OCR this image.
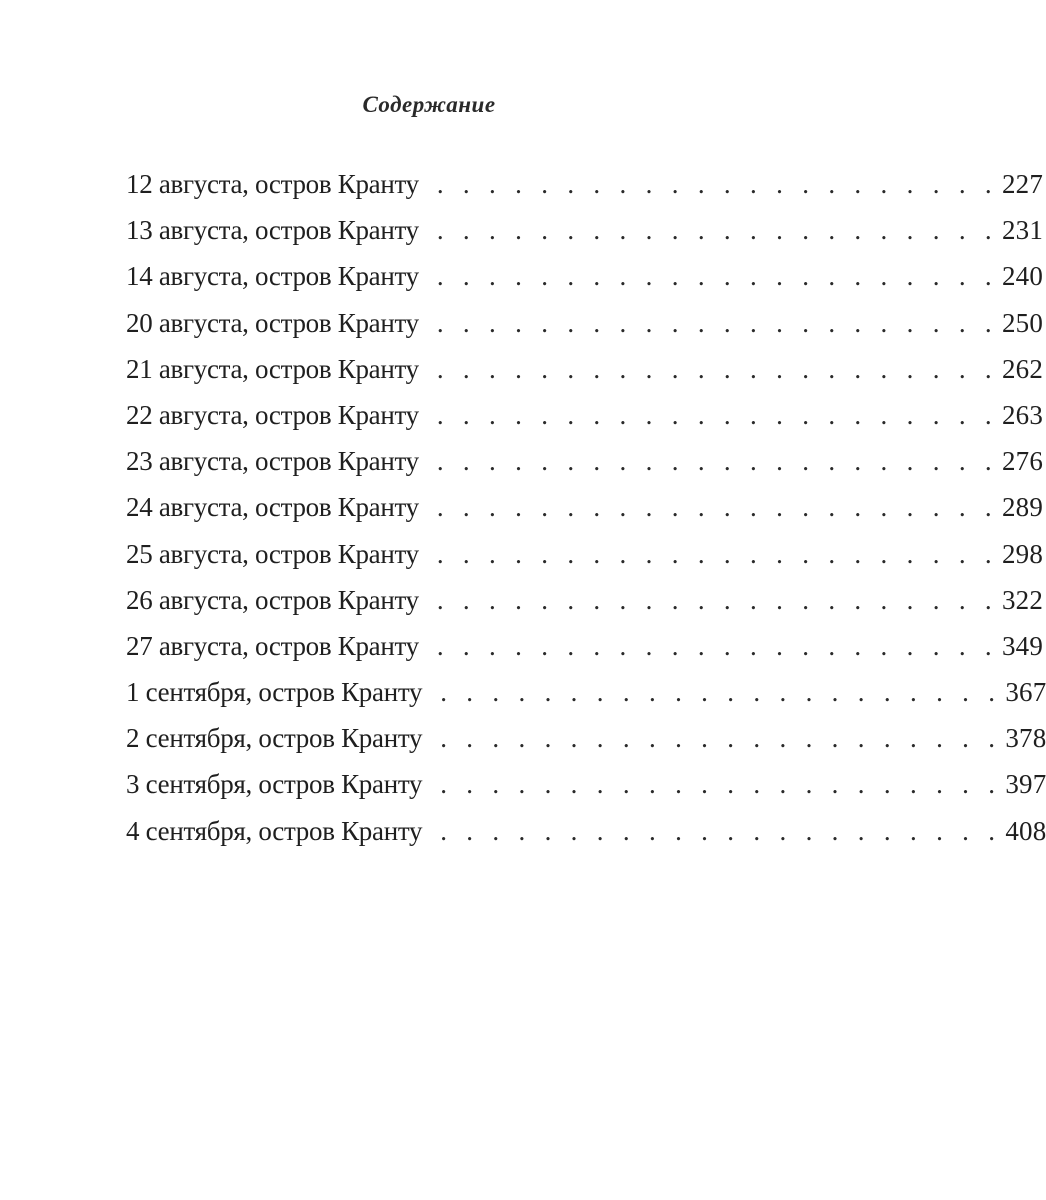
Содержание
12 августа, остров Кранту . . . . . . . . . . . . . . . . . . . . . . 227
13 августа, остров Кранту . . . . . . . . . . . . . . . . . . . . . . 231
14 августа, остров Кранту . . . . . . . . . . . . . . . . . . . . . . 240
20 августа, остров Кранту . . . . . . . . . . . . . . . . . . . . . . 250
21 августа, остров Кранту . . . . . . . . . . . . . . . . . . . . . . 262
22 августа, остров Кранту . . . . . . . . . . . . . . . . . . . . . . 263
23 августа, остров Кранту . . . . . . . . . . . . . . . . . . . . . . 276
24 августа, остров Кранту . . . . . . . . . . . . . . . . . . . . . . 289
25 августа, остров Кранту . . . . . . . . . . . . . . . . . . . . . . 298
26 августа, остров Кранту . . . . . . . . . . . . . . . . . . . . . . 322
27 августа, остров Кранту . . . . . . . . . . . . . . . . . . . . . . 349
1 сентября, остров Кранту . . . . . . . . . . . . . . . . . . . . . . 367
2 сентября, остров Кранту . . . . . . . . . . . . . . . . . . . . . . 378
3 сентября, остров Кранту . . . . . . . . . . . . . . . . . . . . . . 397
4 сентября, остров Кранту . . . . . . . . . . . . . . . . . . . . . . 408
